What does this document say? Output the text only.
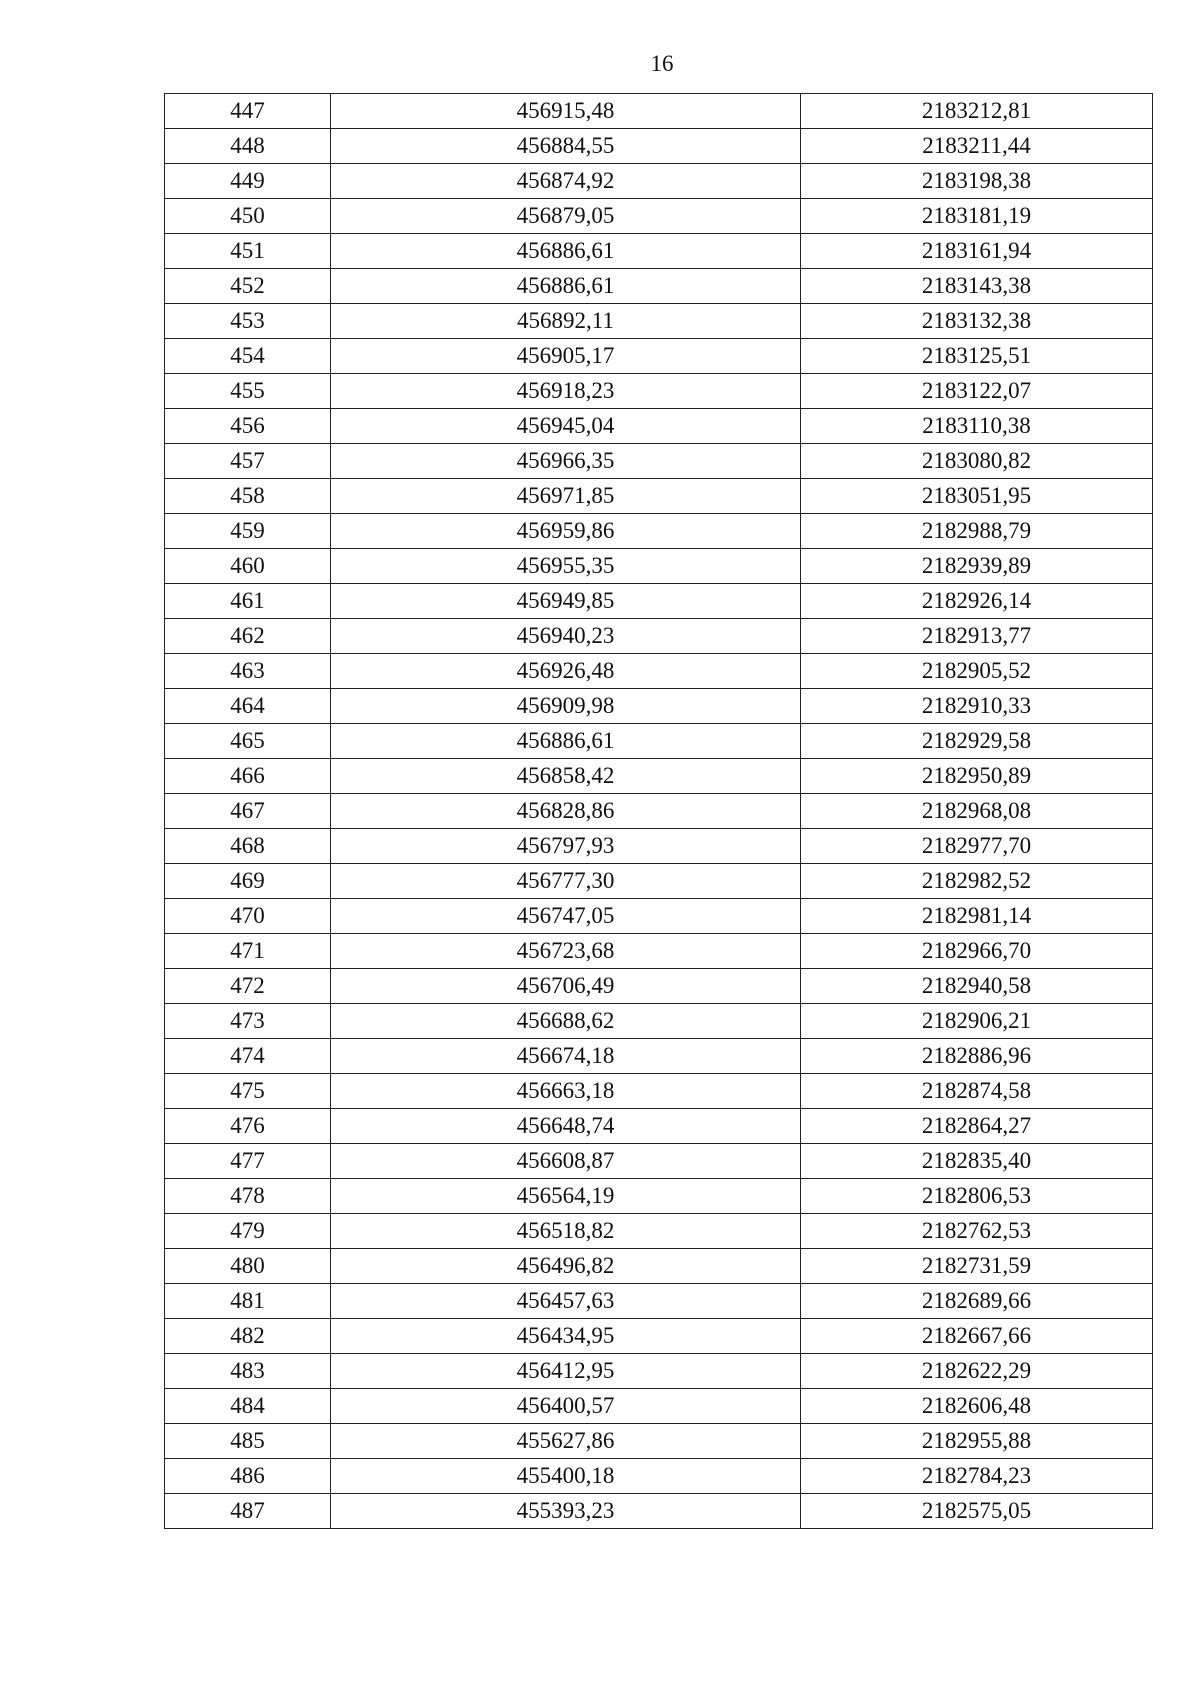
16
447	456915,48	2183212,81
448	456884,55	2183211,44
449	456874,92	2183198,38
450	456879,05	2183181,19
451	456886,61	2183161,94
452	456886,61	2183143,38
453	456892,11	2183132,38
454	456905,17	2183125,51
455	456918,23	2183122,07
456	456945,04	2183110,38
457	456966,35	2183080,82
458	456971,85	2183051,95
459	456959,86	2182988,79
460	456955,35	2182939,89
461	456949,85	2182926,14
462	456940,23	2182913,77
463	456926,48	2182905,52
464	456909,98	2182910,33
465	456886,61	2182929,58
466	456858,42	2182950,89
467	456828,86	2182968,08
468	456797,93	2182977,70
469	456777,30	2182982,52
470	456747,05	2182981,14
471	456723,68	2182966,70
472	456706,49	2182940,58
473	456688,62	2182906,21
474	456674,18	2182886,96
475	456663,18	2182874,58
476	456648,74	2182864,27
477	456608,87	2182835,40
478	456564,19	2182806,53
479	456518,82	2182762,53
480	456496,82	2182731,59
481	456457,63	2182689,66
482	456434,95	2182667,66
483	456412,95	2182622,29
484	456400,57	2182606,48
485	455627,86	2182955,88
486	455400,18	2182784,23
487	455393,23	2182575,05
